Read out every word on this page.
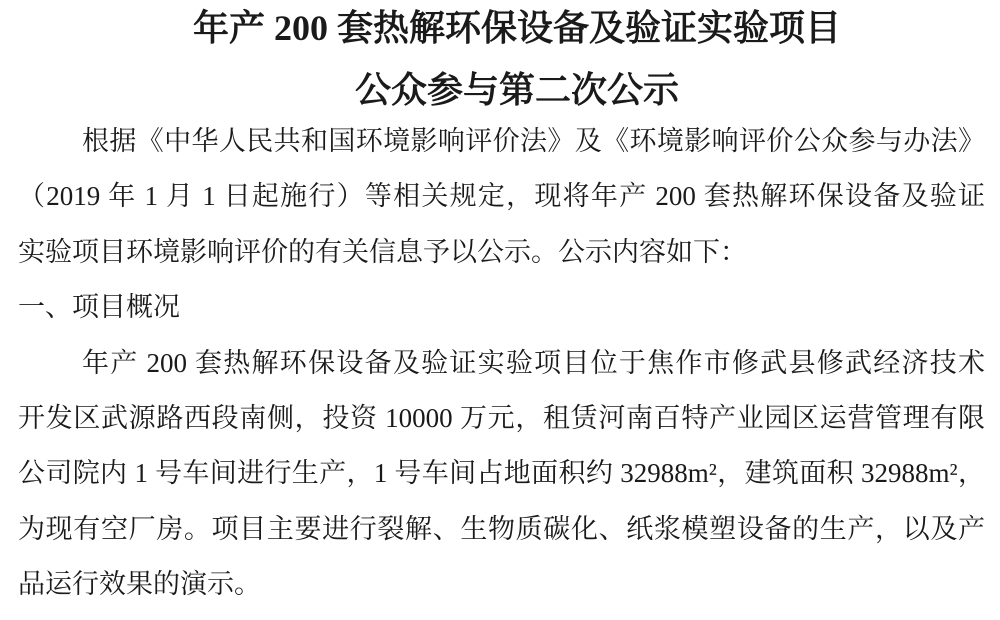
年产 200 套热解环保设备及验证实验项目
公众参与第二次公示
根据《中华人民共和国环境影响评价法》及《环境影响评价公众参与办法》
（2019 年 1 月 1 日起施行）等相关规定，现将年产 200 套热解环保设备及验证
实验项目环境影响评价的有关信息予以公示。公示内容如下：
一、项目概况
年产 200 套热解环保设备及验证实验项目位于焦作市修武县修武经济技术
开发区武源路西段南侧，投资 10000 万元，租赁河南百特产业园区运营管理有限
公司院内 1 号车间进行生产，1 号车间占地面积约 32988m²，建筑面积 32988m²，
为现有空厂房。项目主要进行裂解、生物质碳化、纸浆模塑设备的生产，以及产
品运行效果的演示。
